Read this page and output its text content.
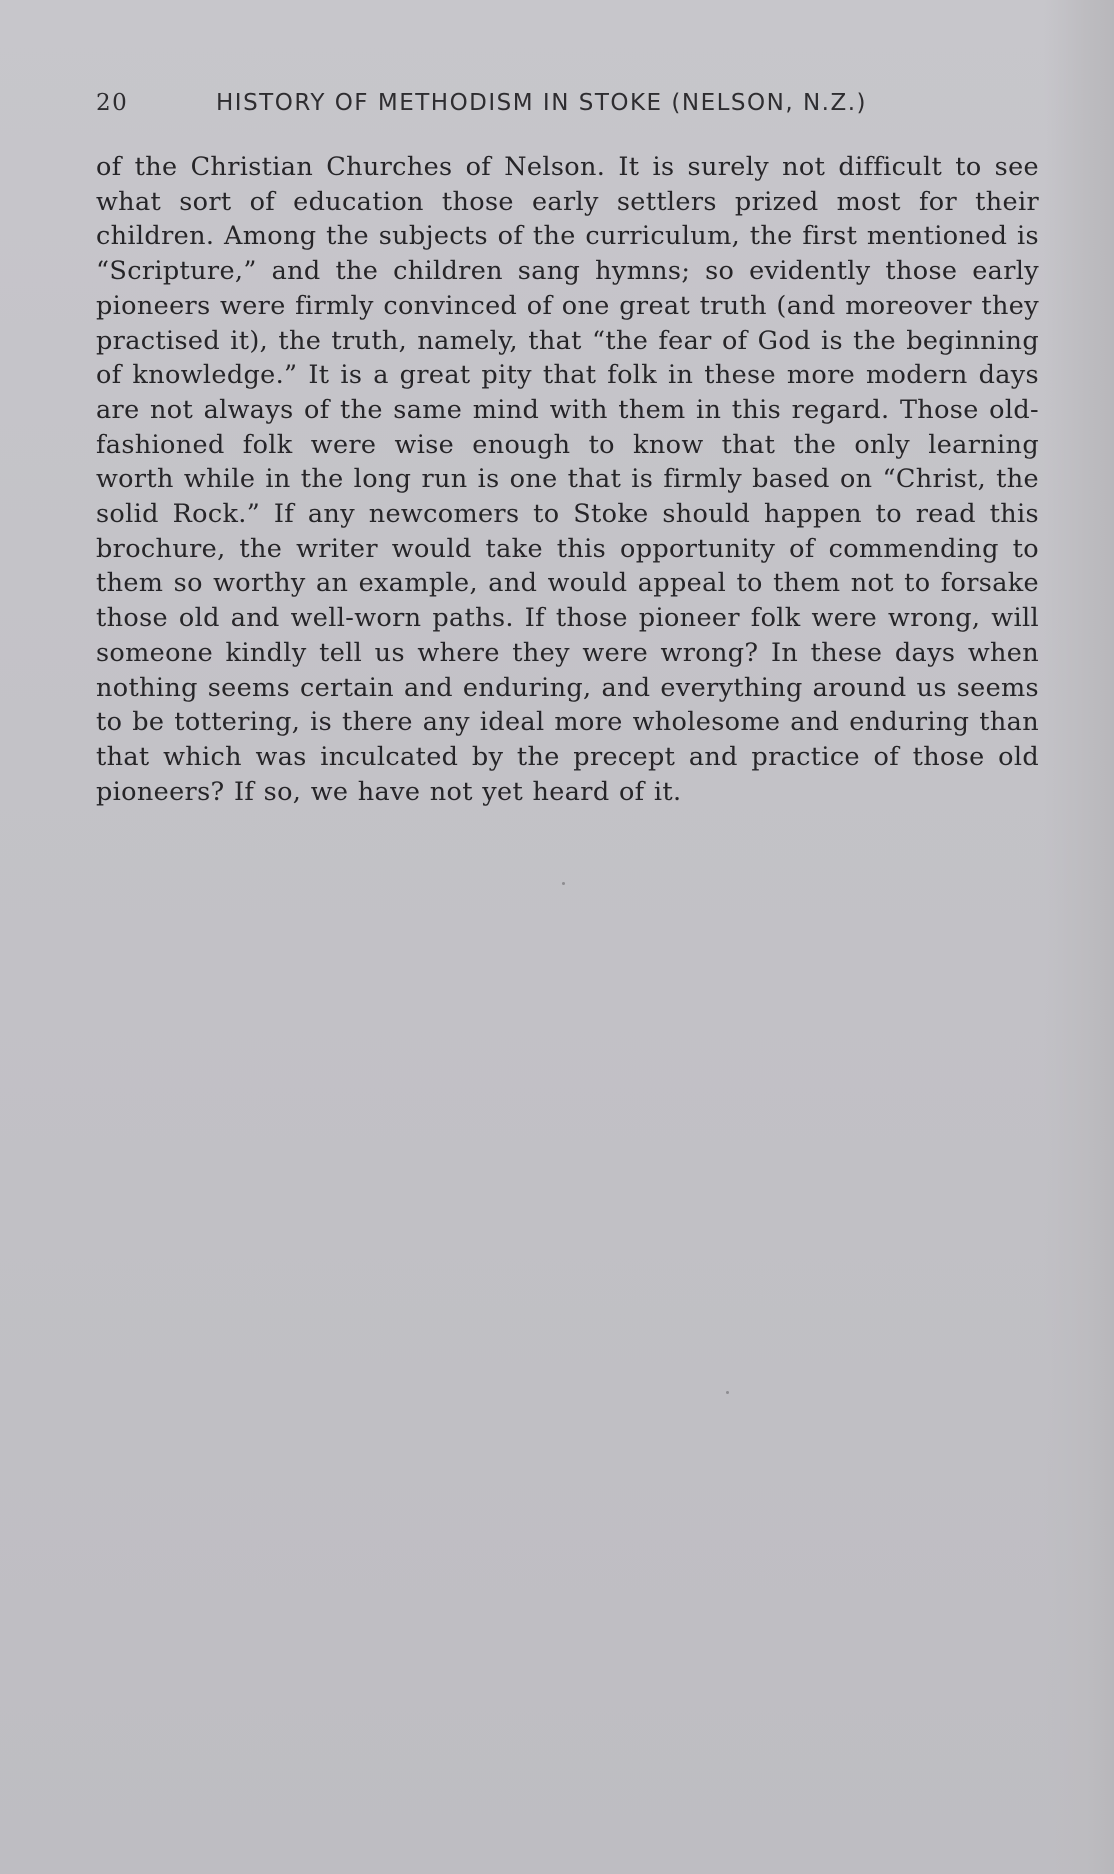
20	HISTORY OF METHODISM IN STOKE (NELSON, N.Z.)

of the Christian Churches of Nelson. It is surely not difficult to see what sort of education those early settlers prized most for their children. Among the subjects of the curriculum, the first mentioned is “Scripture,” and the children sang hymns; so evidently those early pioneers were firmly convinced of one great truth (and moreover they practised it), the truth, namely, that “the fear of God is the beginning of knowledge.” It is a great pity that folk in these more modern days are not always of the same mind with them in this regard. Those old-fashioned folk were wise enough to know that the only learning worth while in the long run is one that is firmly based on “Christ, the solid Rock.” If any newcomers to Stoke should happen to read this brochure, the writer would take this opportunity of commending to them so worthy an example, and would appeal to them not to forsake those old and well-worn paths. If those pioneer folk were wrong, will someone kindly tell us where they were wrong? In these days when nothing seems certain and enduring, and everything around us seems to be tottering, is there any ideal more wholesome and enduring than that which was inculcated by the precept and practice of those old pioneers? If so, we have not yet heard of it.
